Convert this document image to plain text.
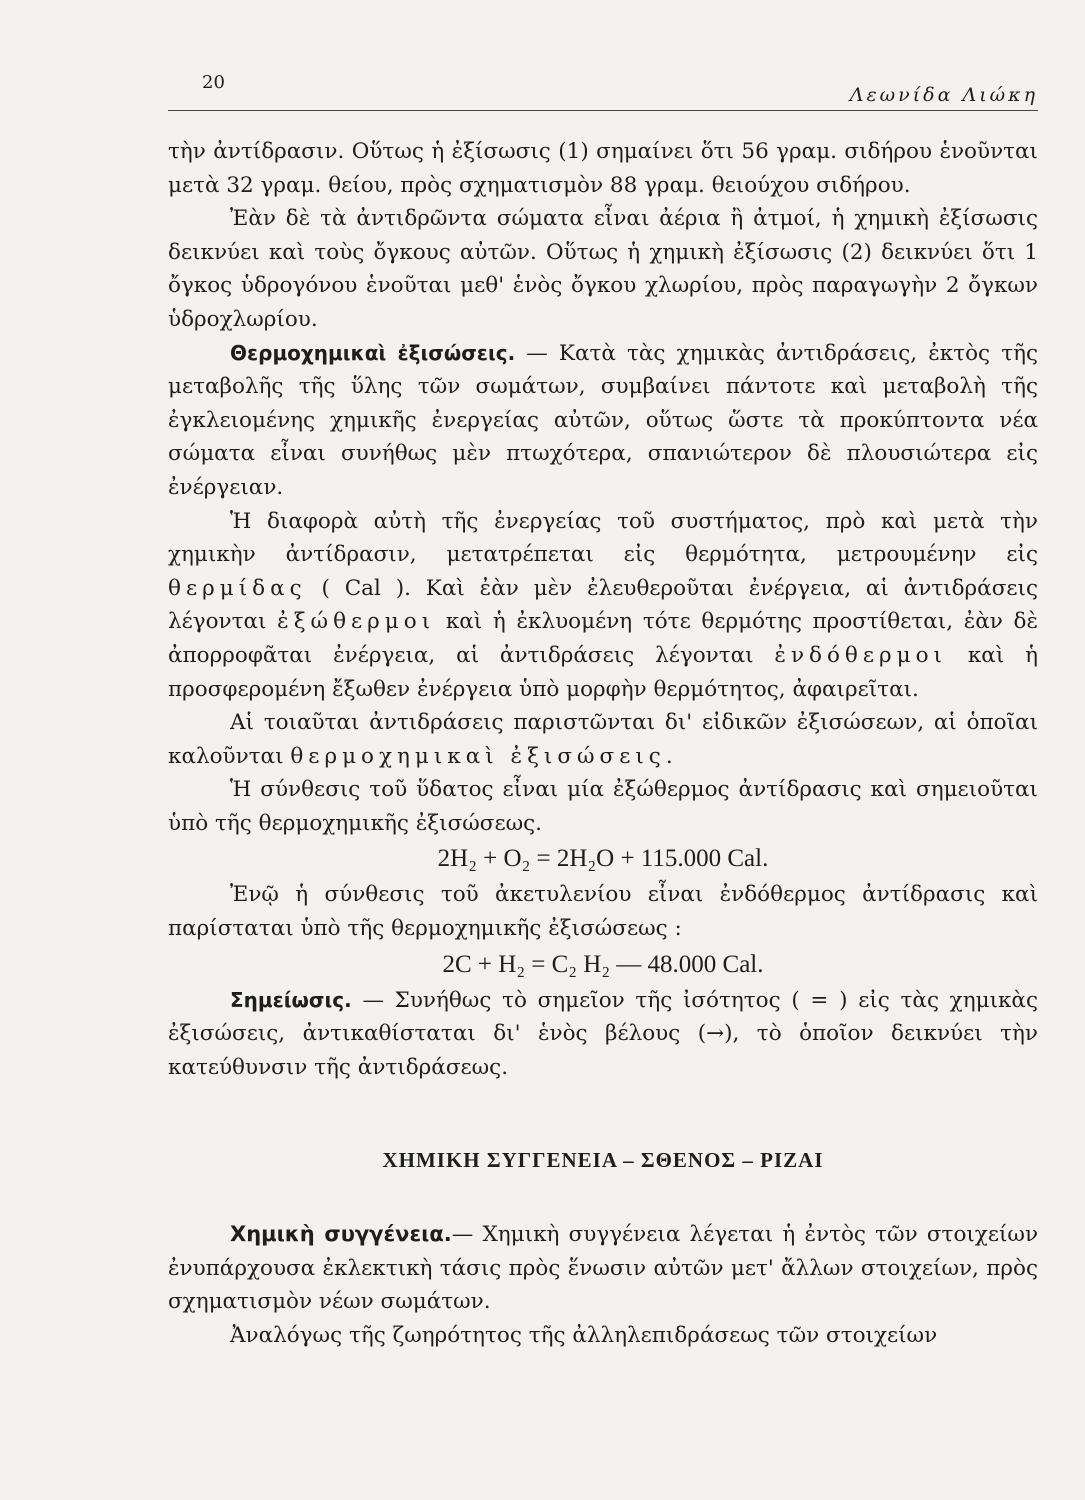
20
Λεωνίδα Λιώκη

τὴν ἀντίδρασιν. Οὕτως ἡ ἐξίσωσις (1) σημαίνει ὅτι 56 γραμ. σιδήρου ἑνοῦνται μετὰ 32 γραμ. θείου, πρὸς σχηματισμὸν 88 γραμ. θειούχου σιδήρου.

Ἐὰν δὲ τὰ ἀντιδρῶντα σώματα εἶναι ἀέρια ἢ ἀτμοί, ἡ χημικὴ ἐξίσωσις δεικνύει καὶ τοὺς ὄγκους αὐτῶν. Οὕτως ἡ χημικὴ ἐξίσωσις (2) δεικνύει ὅτι 1 ὄγκος ὑδρογόνου ἑνοῦται μεθ' ἑνὸς ὄγκου χλωρίου, πρὸς παραγωγὴν 2 ὄγκων ὑδροχλωρίου.

Θερμοχημικαὶ ἐξισώσεις. — Κατὰ τὰς χημικὰς ἀντιδράσεις, ἐκτὸς τῆς μεταβολῆς τῆς ὕλης τῶν σωμάτων, συμβαίνει πάντοτε καὶ μεταβολὴ τῆς ἐγκλειομένης χημικῆς ἐνεργείας αὐτῶν, οὕτως ὥστε τὰ προκύπτοντα νέα σώματα εἶναι συνήθως μὲν πτωχότερα, σπανιώτερον δὲ πλουσιώτερα εἰς ἐνέργειαν.

Ἡ διαφορὰ αὐτὴ τῆς ἐνεργείας τοῦ συστήματος, πρὸ καὶ μετὰ τὴν χημικὴν ἀντίδρασιν, μετατρέπεται εἰς θερμότητα, μετρουμένην εἰς θερμίδας ( Cal ). Καὶ ἐὰν μὲν ἐλευθεροῦται ἐνέργεια, αἱ ἀντιδράσεις λέγονται ἐξώθερμοι καὶ ἡ ἐκλυομένη τότε θερμότης προστίθεται, ἐὰν δὲ ἀπορροφᾶται ἐνέργεια, αἱ ἀντιδράσεις λέγονται ἐνδόθερμοι καὶ ἡ προσφερομένη ἔξωθεν ἐνέργεια ὑπὸ μορφὴν θερμότητος, ἀφαιρεῖται.

Αἱ τοιαῦται ἀντιδράσεις παριστῶνται δι' εἰδικῶν ἐξισώσεων, αἱ ὁποῖαι καλοῦνται θερμοχημικαὶ ἐξισώσεις.

Ἡ σύνθεσις τοῦ ὕδατος εἶναι μία ἐξώθερμος ἀντίδρασις καὶ σημειοῦται ὑπὸ τῆς θερμοχημικῆς ἐξισώσεως.

2H₂ + O₂ = 2H₂O + 115.000 Cal.

Ἐνῷ ἡ σύνθεσις τοῦ ἀκετυλενίου εἶναι ἐνδόθερμος ἀντίδρασις καὶ παρίσταται ὑπὸ τῆς θερμοχημικῆς ἐξισώσεως :

2C + H₂ = C₂ H₂ — 48.000 Cal.

Σημείωσις. — Συνήθως τὸ σημεῖον τῆς ἰσότητος ( = ) εἰς τὰς χημικὰς ἐξισώσεις, ἀντικαθίσταται δι' ἑνὸς βέλους (→), τὸ ὁποῖον δεικνύει τὴν κατεύθυνσιν τῆς ἀντιδράσεως.

ΧΗΜΙΚΗ ΣΥΓΓΕΝΕΙΑ – ΣΘΕΝΟΣ – ΡΙΖΑΙ

Χημικὴ συγγένεια.— Χημικὴ συγγένεια λέγεται ἡ ἐντὸς τῶν στοιχείων ἐνυπάρχουσα ἐκλεκτικὴ τάσις πρὸς ἕνωσιν αὐτῶν μετ' ἄλλων στοιχείων, πρὸς σχηματισμὸν νέων σωμάτων.

Ἀναλόγως τῆς ζωηρότητος τῆς ἀλληλεπιδράσεως τῶν στοιχείων
